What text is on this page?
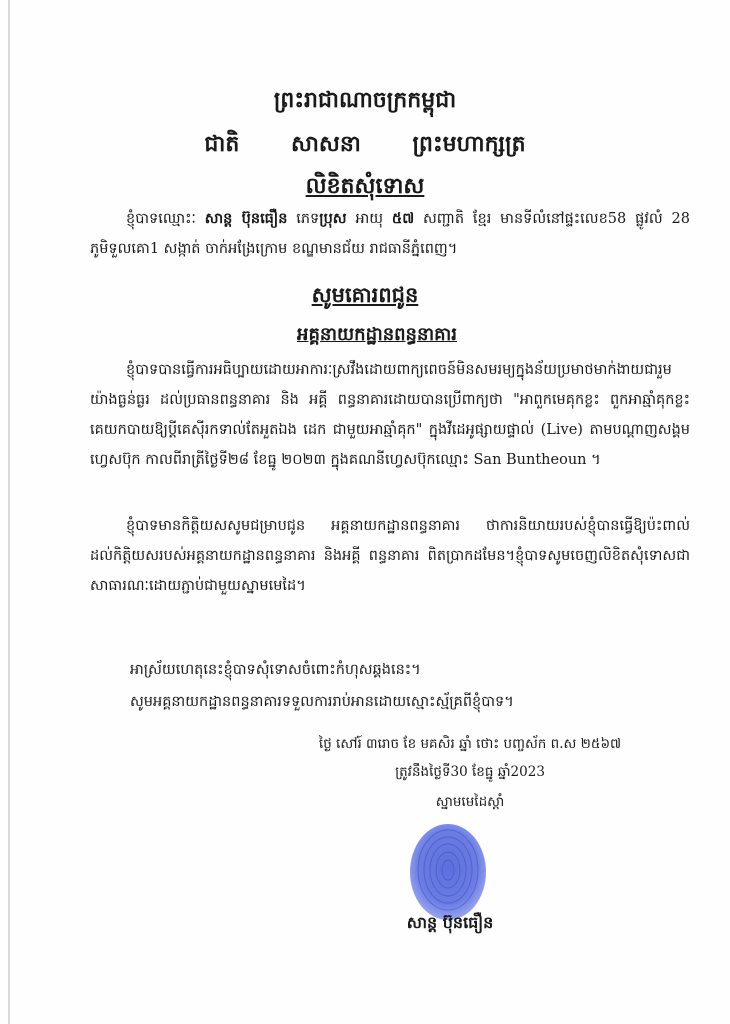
ព្រះរាជាណាចក្រកម្ពុជា
ជាតិ សាសនា ព្រះមហាក្សត្រ
លិខិតសុំទោស
ខ្ញុំបាទឈ្មោះៈ សាន្ត ប៊ុនធឿន ភេទប្រុស អាយុ ៥៧ សញ្ជាតិ ខ្មែរ មានទីលំនៅផ្ទះលេខ58 ផ្លូវលំ 28 ភូមិទួលគោ1 សង្កាត់ ចាក់អង្រែក្រោម ខណ្ឌមានជ័យ រាជធានីភ្នំពេញ។
សូមគោរពជូន
អគ្គនាយកដ្ឋានពន្ធនាគារ
ខ្ញុំបាទបានធ្វើការអធិប្បាយដោយអាការៈស្រវឹងដោយពាក្យពេចន៍មិនសមរម្យក្នុងន័យប្រមាថមាក់ងាយជារួមយ៉ាងធ្ងន់ធ្ងរ ដល់ប្រធានពន្ធនាគារ និង អគ្គី ពន្ធនាគារដោយបានប្រើពាក្យថា "អាពួកមេគុកខ្លះ ពួកអាឆ្មាំគុកខ្លះ គេយកបាយឱ្យប្តីគេស៊ីរកទាល់តែអួតឯង ដេក ជាមួយអាឆ្មាំគុក" ក្នុងវីដេអូផ្សាយផ្ទាល់ (Live) តាមបណ្តាញសង្គមហ្វេសប៊ុក កាលពីរាត្រីថ្ងៃទី២៨ ខែធ្នូ ២០២៣ ក្នុងគណនីហ្វេសប៊ុកឈ្មោះ San Buntheoun ។
ខ្ញុំបាទមានកិត្តិយសសូមជម្រាបជូន អគ្គនាយកដ្ឋានពន្ធនាគារ ថាការនិយាយរបស់ខ្ញុំបានធ្វើឱ្យប៉ះពាល់ដល់កិត្តិយសរបស់អគ្គនាយកដ្ឋានពន្ធនាគារ និងអគ្គី ពន្ធនាគារ ពិតប្រាកដមែន។ខ្ញុំបាទសូមចេញលិខិតសុំទោសជាសាធារណៈដោយភ្ជាប់ជាមួយស្នាមមេដៃ។
អាស្រ័យហេតុនេះខ្ញុំបាទសុំទោសចំពោះកំហុសឆ្គងនេះ។
សូមអគ្គនាយកដ្ឋានពន្ធនាគារទទួលការរាប់អានដោយស្មោះស្ម័គ្រពីខ្ញុំបាទ។
ថ្ងៃ សៅរ៍ ៣រោច ខែ មគសិរ ឆ្នាំ ថោះ បញ្ចស័ក ព.ស ២៥៦៧
ត្រូវនឹងថ្ងៃទី30 ខែធ្នូ ឆ្នាំ2023
ស្នាមមេដៃស្តាំ
សាន្ត ប៊ុនធឿន
